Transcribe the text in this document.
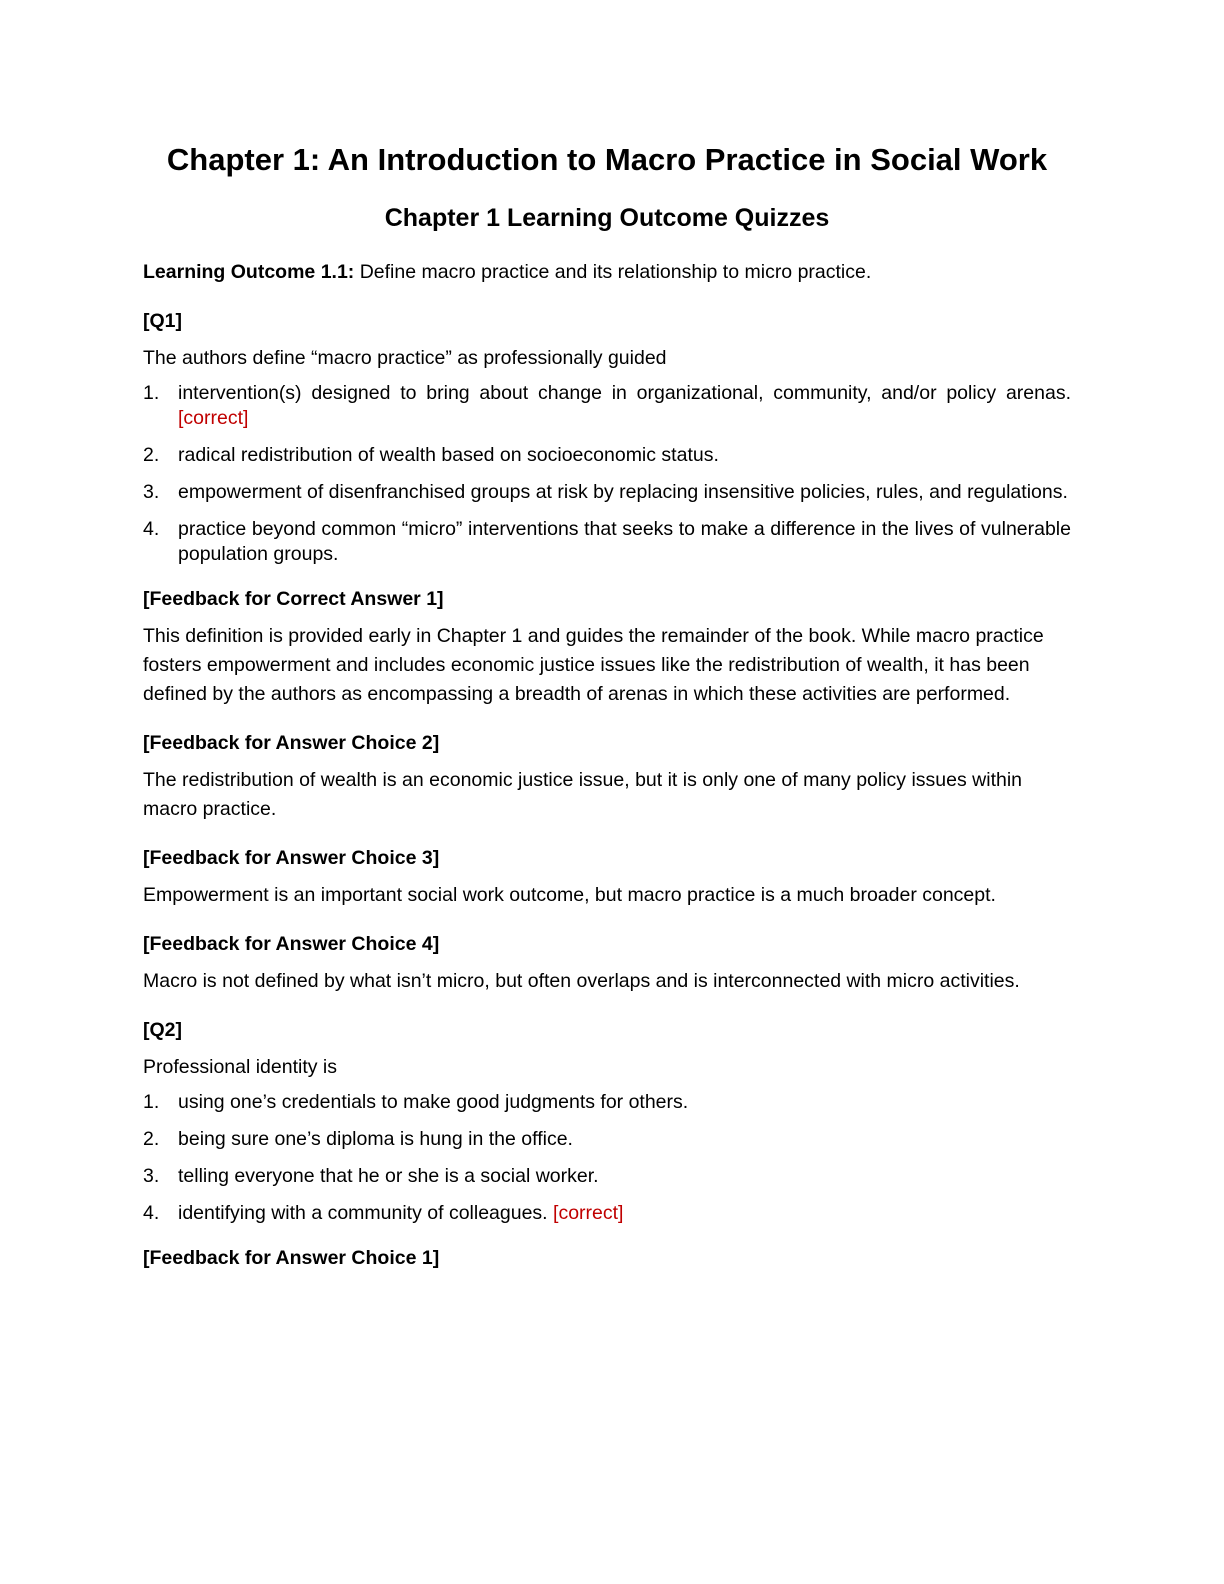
Chapter 1: An Introduction to Macro Practice in Social Work
Chapter 1 Learning Outcome Quizzes

Learning Outcome 1.1: Define macro practice and its relationship to micro practice.

[Q1]

The authors define “macro practice” as professionally guided

1. intervention(s) designed to bring about change in organizational, community, and/or policy arenas. [correct]
2. radical redistribution of wealth based on socioeconomic status.
3. empowerment of disenfranchised groups at risk by replacing insensitive policies, rules, and regulations.
4. practice beyond common “micro” interventions that seeks to make a difference in the lives of vulnerable population groups.

[Feedback for Correct Answer 1]

This definition is provided early in Chapter 1 and guides the remainder of the book. While macro practice fosters empowerment and includes economic justice issues like the redistribution of wealth, it has been defined by the authors as encompassing a breadth of arenas in which these activities are performed.

[Feedback for Answer Choice 2]

The redistribution of wealth is an economic justice issue, but it is only one of many policy issues within macro practice.

[Feedback for Answer Choice 3]

Empowerment is an important social work outcome, but macro practice is a much broader concept.

[Feedback for Answer Choice 4]

Macro is not defined by what isn’t micro, but often overlaps and is interconnected with micro activities.

[Q2]

Professional identity is

1. using one’s credentials to make good judgments for others.
2. being sure one’s diploma is hung in the office.
3. telling everyone that he or she is a social worker.
4. identifying with a community of colleagues. [correct]

[Feedback for Answer Choice 1]
